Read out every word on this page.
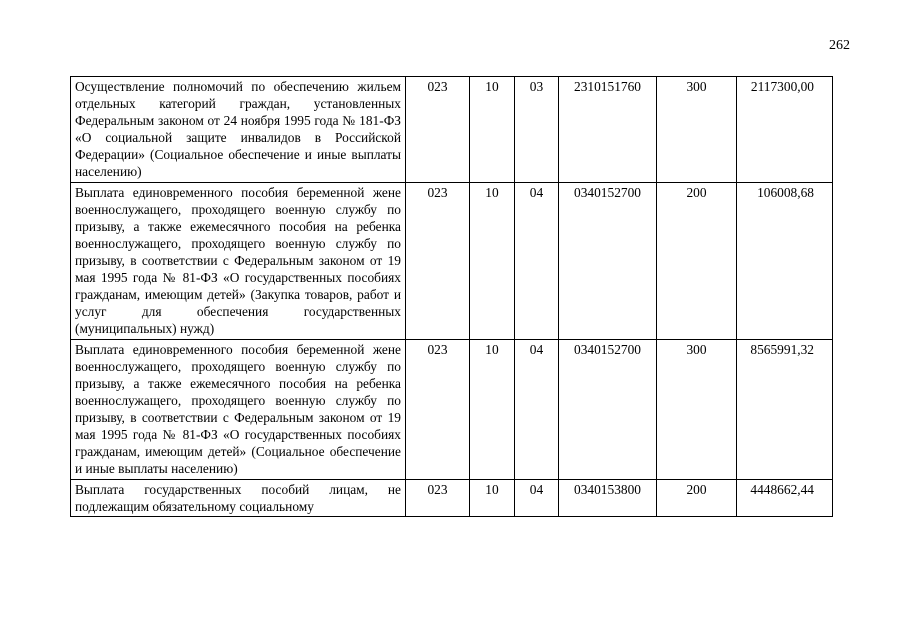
262
Осуществление полномочий по обеспечению жильем отдельных категорий граждан, установленных Федеральным законом от 24 ноября 1995 года № 181-ФЗ «О социальной защите инвалидов в Российской Федерации» (Социальное обеспечение и иные выплаты населению)	023	10	03	2310151760	300	2117300,00
Выплата единовременного пособия беременной жене военнослужащего, проходящего военную службу по призыву, а также ежемесячного пособия на ребенка военнослужащего, проходящего военную службу по призыву, в соответствии с Федеральным законом от 19 мая 1995 года № 81-ФЗ «О государственных пособиях гражданам, имеющим детей» (Закупка товаров, работ и услуг для обеспечения государственных (муниципальных) нужд)	023	10	04	0340152700	200	106008,68
Выплата единовременного пособия беременной жене военнослужащего, проходящего военную службу по призыву, а также ежемесячного пособия на ребенка военнослужащего, проходящего военную службу по призыву, в соответствии с Федеральным законом от 19 мая 1995 года № 81-ФЗ «О государственных пособиях гражданам, имеющим детей» (Социальное обеспечение и иные выплаты населению)	023	10	04	0340152700	300	8565991,32

Выплата государственных пособий лицам, не подлежащим обязательному социальному	023	10	04	0340153800	200	4448662,44
